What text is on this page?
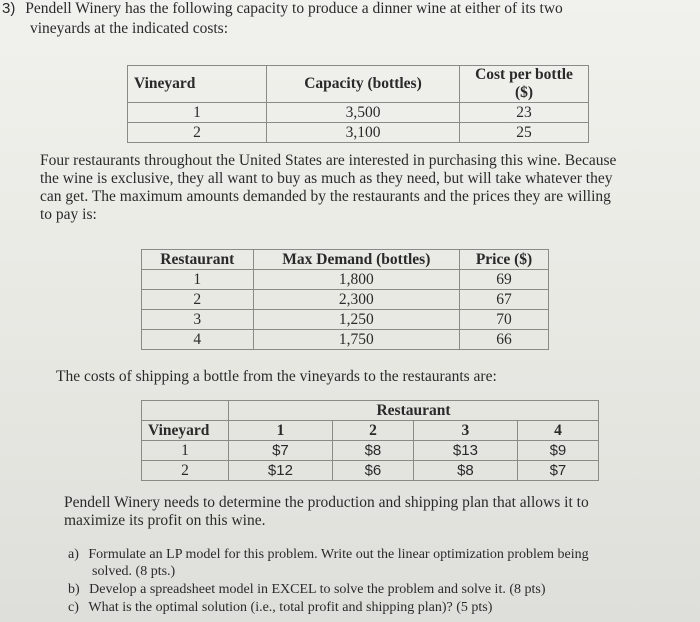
3) Pendell Winery has the following capacity to produce a dinner wine at either of its two
vineyards at the indicated costs:
Vineyard	Capacity (bottles)	Cost per bottle ($)
1	3,500	23
2	3,100	25
Four restaurants throughout the United States are interested in purchasing this wine. Because
the wine is exclusive, they all want to buy as much as they need, but will take whatever they
can get. The maximum amounts demanded by the restaurants and the prices they are willing
to pay is:
Restaurant	Max Demand (bottles)	Price ($)
1	1,800	69
2	2,300	67
3	1,250	70
4	1,750	66
The costs of shipping a bottle from the vineyards to the restaurants are:
	Restaurant			
Vineyard	1	2	3	4
1	$7	$8	$13	$9
2	$12	$6	$8	$7
Pendell Winery needs to determine the production and shipping plan that allows it to
maximize its profit on this wine.
a) Formulate an LP model for this problem. Write out the linear optimization problem being
solved. (8 pts.)
b) Develop a spreadsheet model in EXCEL to solve the problem and solve it. (8 pts)
c) What is the optimal solution (i.e., total profit and shipping plan)? (5 pts)
